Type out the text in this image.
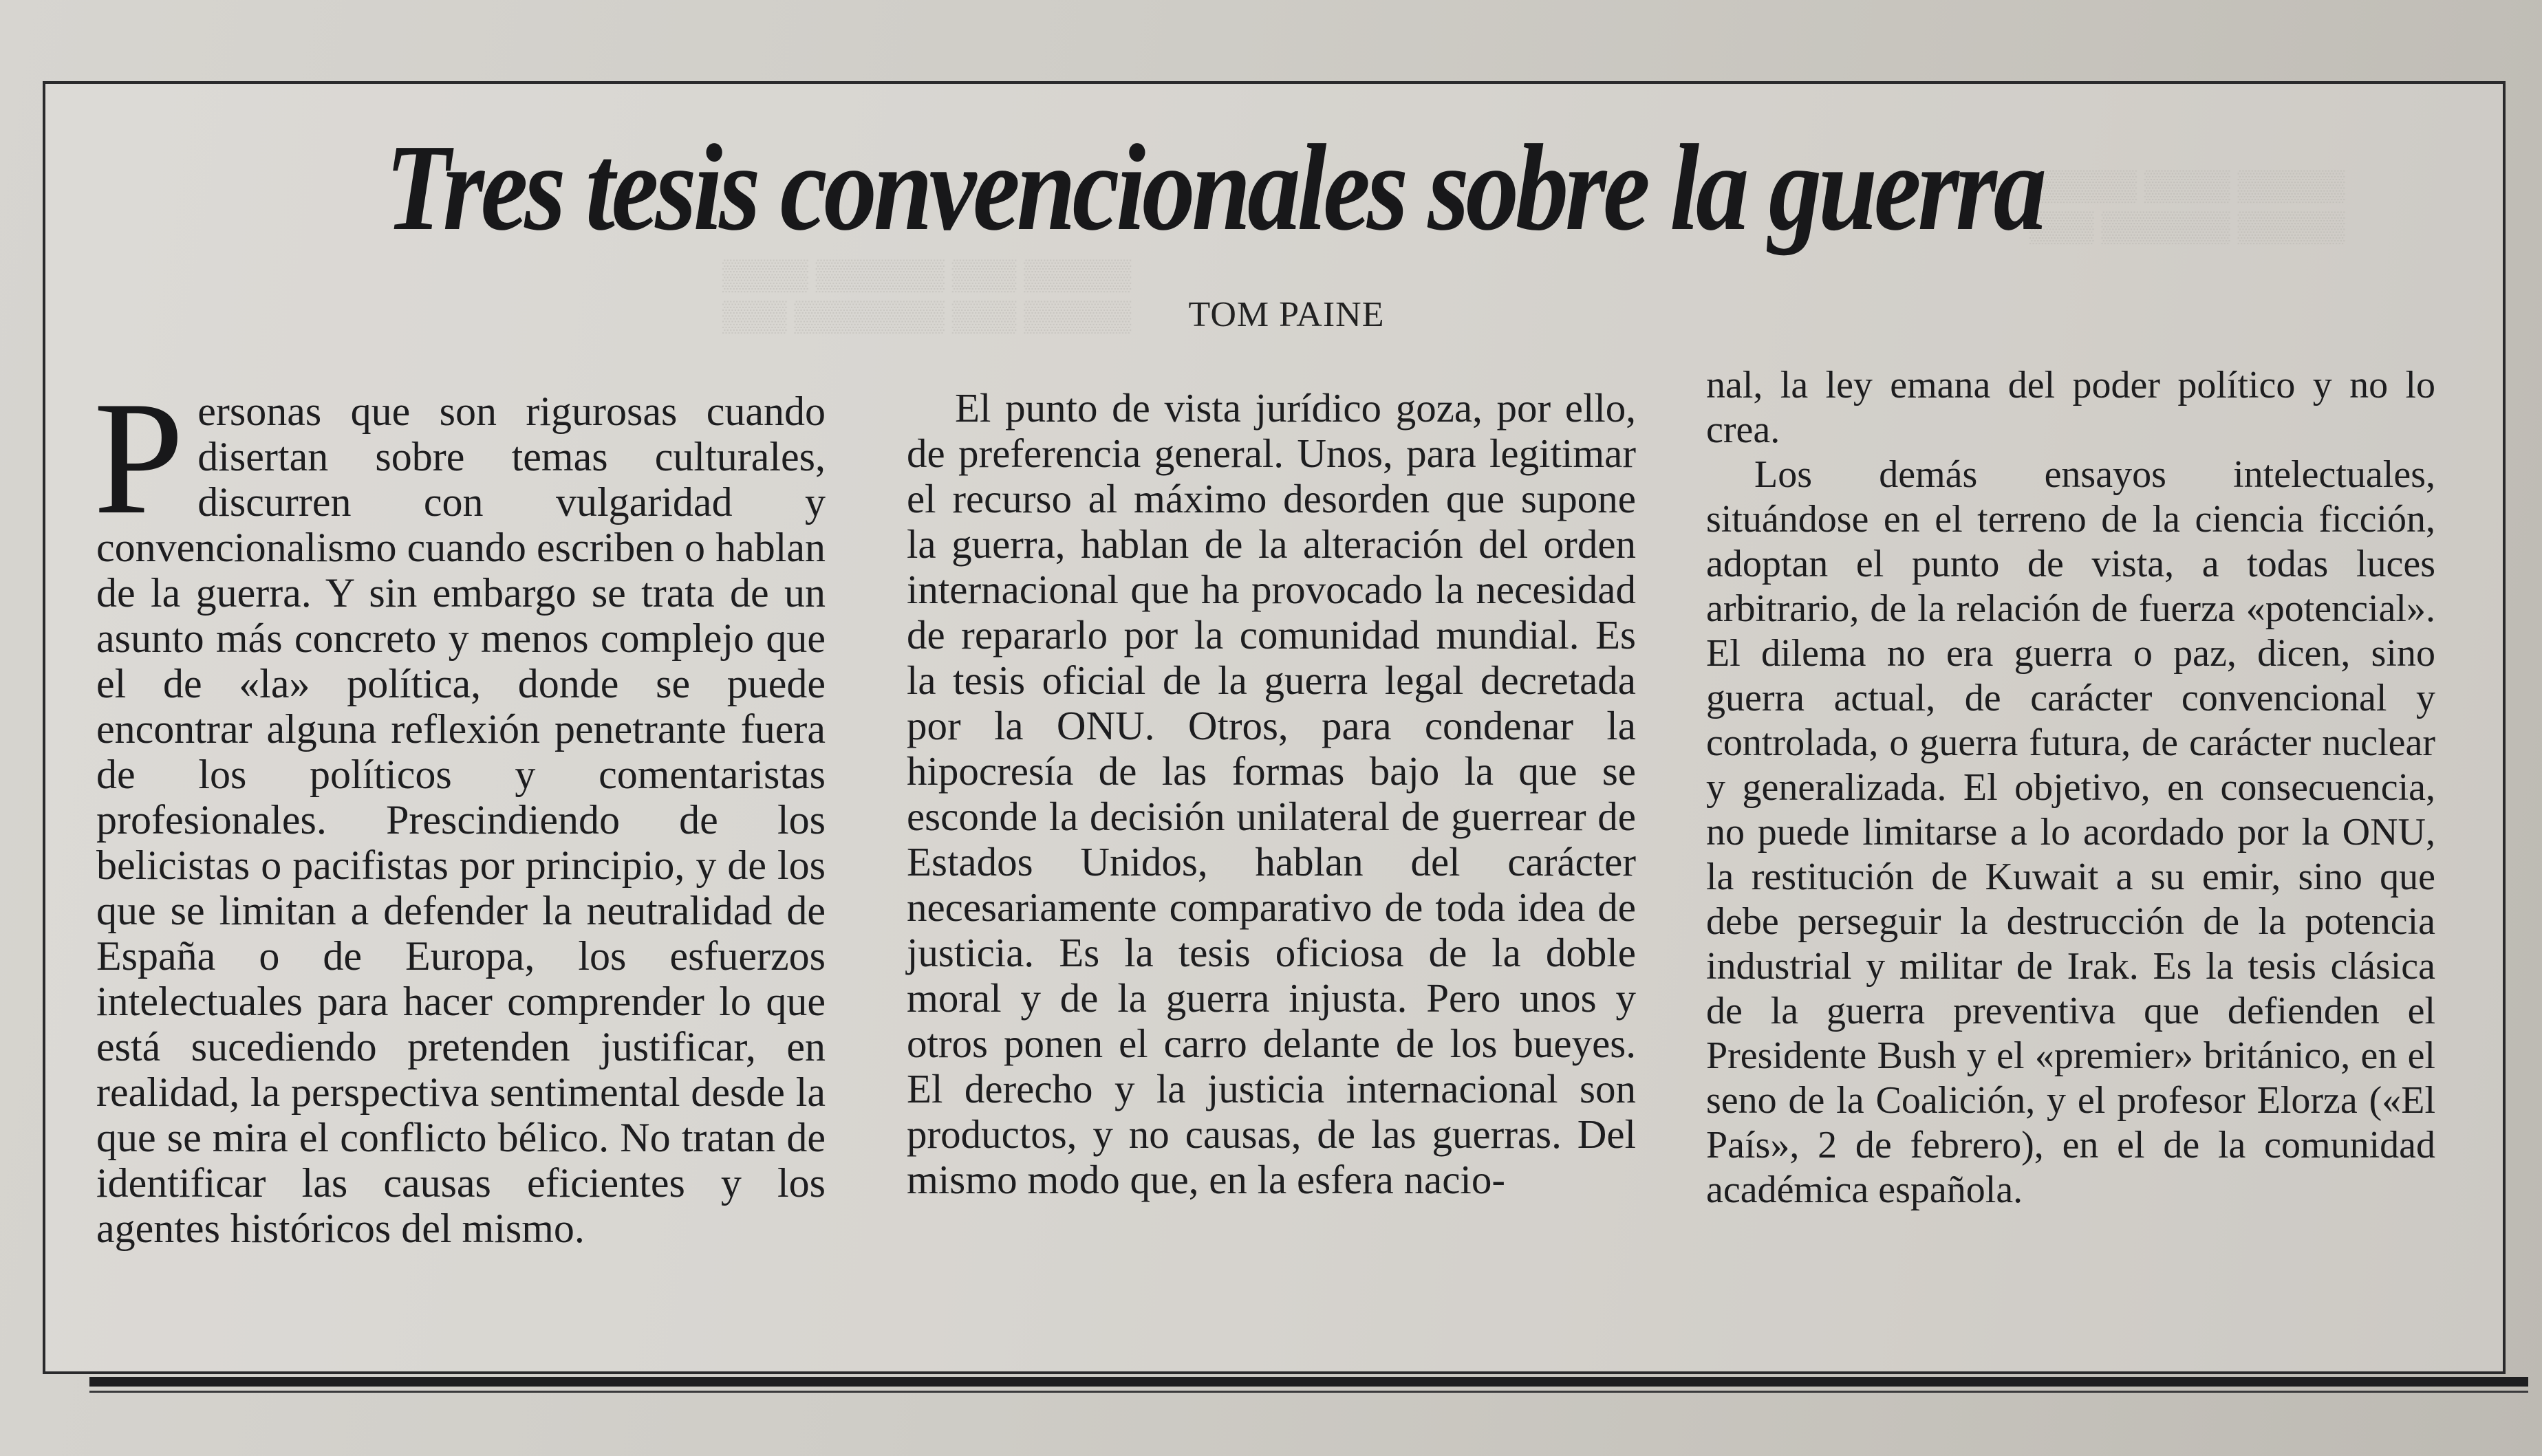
▒▒▒▒ ▒▒▒▒▒▒ ▒▒▒ ▒▒▒▒▒
▒▒▒ ▒▒▒▒▒▒▒ ▒▒▒ ▒▒▒▒▒
▒▒▒▒▒ ▒▒▒▒ ▒▒▒▒▒
▒▒▒ ▒▒▒▒▒▒ ▒▒▒▒▒
Tres tesis convencionales sobre la guerra
TOM PAINE

Personas que son rigurosas cuando disertan sobre temas culturales, discurren con vulgaridad y convencionalismo cuando escriben o hablan de la guerra. Y sin embargo se trata de un asunto más concreto y menos complejo que el de «la» política, donde se puede encontrar alguna reflexión penetrante fuera de los políticos y comentaristas profesionales. Prescindiendo de los belicistas o pacifistas por principio, y de los que se limitan a defender la neutralidad de España o de Europa, los esfuerzos intelectuales para hacer comprender lo que está sucediendo pretenden justificar, en realidad, la perspectiva sentimental desde la que se mira el conflicto bélico. No tratan de identificar las causas eficientes y los agentes históricos del mismo.

El punto de vista jurídico goza, por ello, de preferencia general. Unos, para legitimar el recurso al máximo desorden que supone la guerra, hablan de la alteración del orden internacional que ha provocado la necesidad de repararlo por la comunidad mundial. Es la tesis oficial de la guerra legal decretada por la ONU. Otros, para condenar la hipocresía de las formas bajo la que se esconde la decisión unilateral de guerrear de Estados Unidos, hablan del carácter necesariamente comparativo de toda idea de justicia. Es la tesis oficiosa de la doble moral y de la guerra injusta. Pero unos y otros ponen el carro delante de los bueyes. El derecho y la justicia internacional son productos, y no causas, de las guerras. Del mismo modo que, en la esfera nacio-

nal, la ley emana del poder político y no lo crea.

Los demás ensayos intelectuales, situándose en el terreno de la ciencia ficción, adoptan el punto de vista, a todas luces arbitrario, de la relación de fuerza «potencial». El dilema no era guerra o paz, dicen, sino guerra actual, de carácter convencional y controlada, o guerra futura, de carácter nuclear y generalizada. El objetivo, en consecuencia, no puede limitarse a lo acordado por la ONU, la restitución de Kuwait a su emir, sino que debe perseguir la destrucción de la potencia industrial y militar de Irak. Es la tesis clásica de la guerra preventiva que defienden el Presidente Bush y el «premier» británico, en el seno de la Coalición, y el profesor Elorza («El País», 2 de febrero), en el de la comunidad académica española.
